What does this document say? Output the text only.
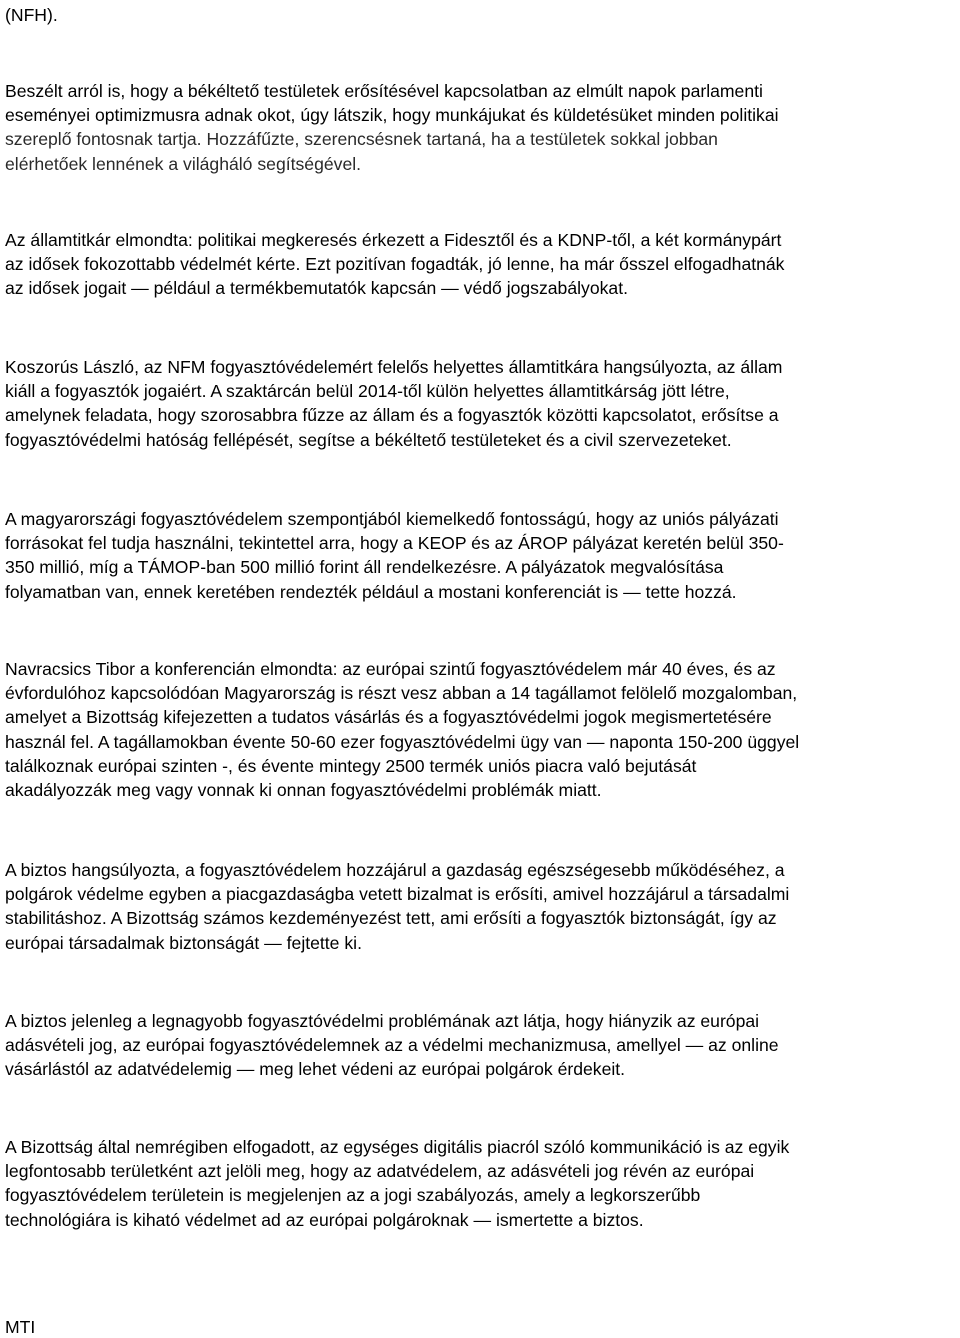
(NFH).
Beszélt arról is, hogy a békéltető testületek erősítésével kapcsolatban az elmúlt napok parlamenti
eseményei optimizmusra adnak okot, úgy látszik, hogy munkájukat és küldetésüket minden politikai
szereplő fontosnak tartja. Hozzáfűzte, szerencsésnek tartaná, ha a testületek sokkal jobban
elérhetőek lennének a világháló segítségével.
Az államtitkár elmondta: politikai megkeresés érkezett a Fidesztől és a KDNP-től, a két kormánypárt
az idősek fokozottabb védelmét kérte. Ezt pozitívan fogadták, jó lenne, ha már ősszel elfogadhatnák
az idősek jogait — például a termékbemutatók kapcsán — védő jogszabályokat.
Koszorús László, az NFM fogyasztóvédelemért felelős helyettes államtitkára hangsúlyozta, az állam
kiáll a fogyasztók jogaiért. A szaktárcán belül 2014-től külön helyettes államtitkárság jött létre,
amelynek feladata, hogy szorosabbra fűzze az állam és a fogyasztók közötti kapcsolatot, erősítse a
fogyasztóvédelmi hatóság fellépését, segítse a békéltető testületeket és a civil szervezeteket.
A magyarországi fogyasztóvédelem szempontjából kiemelkedő fontosságú, hogy az uniós pályázati
forrásokat fel tudja használni, tekintettel arra, hogy a KEOP és az ÁROP pályázat keretén belül 350-
350 millió, míg a TÁMOP-ban 500 millió forint áll rendelkezésre. A pályázatok megvalósítása
folyamatban van, ennek keretében rendezték például a mostani konferenciát is — tette hozzá.
Navracsics Tibor a konferencián elmondta: az európai szintű fogyasztóvédelem már 40 éves, és az
évfordulóhoz kapcsolódóan Magyarország is részt vesz abban a 14 tagállamot felölelő mozgalomban,
amelyet a Bizottság kifejezetten a tudatos vásárlás és a fogyasztóvédelmi jogok megismertetésére
használ fel. A tagállamokban évente 50-60 ezer fogyasztóvédelmi ügy van — naponta 150-200 üggyel
találkoznak európai szinten -, és évente mintegy 2500 termék uniós piacra való bejutását
akadályozzák meg vagy vonnak ki onnan fogyasztóvédelmi problémák miatt.
A biztos hangsúlyozta, a fogyasztóvédelem hozzájárul a gazdaság egészségesebb működéséhez, a
polgárok védelme egyben a piacgazdaságba vetett bizalmat is erősíti, amivel hozzájárul a társadalmi
stabilitáshoz. A Bizottság számos kezdeményezést tett, ami erősíti a fogyasztók biztonságát, így az
európai társadalmak biztonságát — fejtette ki.
A biztos jelenleg a legnagyobb fogyasztóvédelmi problémának azt látja, hogy hiányzik az európai
adásvételi jog, az európai fogyasztóvédelemnek az a védelmi mechanizmusa, amellyel — az online
vásárlástól az adatvédelemig — meg lehet védeni az európai polgárok érdekeit.
A Bizottság által nemrégiben elfogadott, az egységes digitális piacról szóló kommunikáció is az egyik
legfontosabb területként azt jelöli meg, hogy az adatvédelem, az adásvételi jog révén az európai
fogyasztóvédelem területein is megjelenjen az a jogi szabályozás, amely a legkorszerűbb
technológiára is kiható védelmet ad az európai polgároknak — ismertette a biztos.
MTI
